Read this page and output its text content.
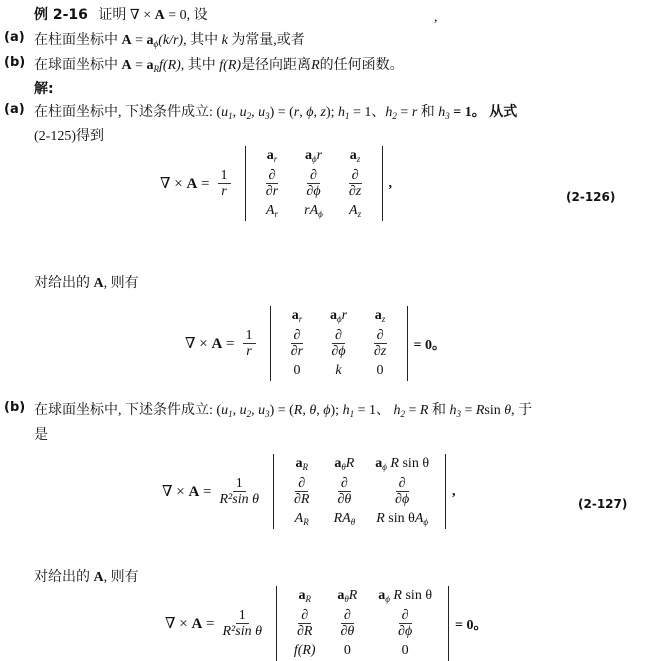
,
例 2-16 证明 ∇ × A = 0, 设
(a) 在柱面坐标中 $A = a_\phi(k/r)$, 其中 k 为常量,或者
(b) 在球面坐标中 $A = a_Rf(R)$, 其中 f(R)是径向距离R的任何函数。
解:
(a) 在柱面坐标中, 下述条件成立: ($u_1$, $u_2$, $u_3) = (r$, ϕ, z); $h_1 = 1$、$h_2 = r$ 和 $h_3 = 1$。 从式
(2-125)得到
∇ × $A = \frac{1}{r}$
$a_r$	$a_\phi r$	$a_z$

$\frac{\partial}{\partial r}$	$\frac{\partial}{\partial\phi}$	$\frac{\partial}{\partial z}$

$A_r$	$rA_\phi$	$A_z$
,
(2-126)
对给出的 A, 则有
∇ × $A = \frac{1}{r}$
$a_r$	$a_\phi r$	$a_z$

$\frac{\partial}{\partial r}$	$\frac{\partial}{\partial\phi}$	$\frac{\partial}{\partial z}$

0	k	0
= 0。
(b) 在球面坐标中, 下述条件成立: ($u_1$, $u_2$, $u_3) = (R$, θ, ϕ); $h_1 = 1$、 $h_2 = R$ 和 $h_3 = Rsin$ θ, 于
是
∇ × $A = \frac{1}{\text{R²sin θ}}$
$a_R$	$a_\theta R$	$a_\phi$ R sin θ

$\frac{\partial}{\partial R}$	$\frac{\partial}{\partial\theta}$	$\frac{\partial}{\partial\phi}$

$A_R$	$RA_\theta$	R $\sin \theta A_\phi$
,
(2-127)
对给出的 A, 则有
∇ × $A = \frac{1}{\text{R²sin θ}}$
$a_R$	$a_\theta R$	$a_\phi$ R sin θ

$\frac{\partial}{\partial R}$	$\frac{\partial}{\partial\theta}$	$\frac{\partial}{\partial\phi}$

f(R)	0	0
= 0。
